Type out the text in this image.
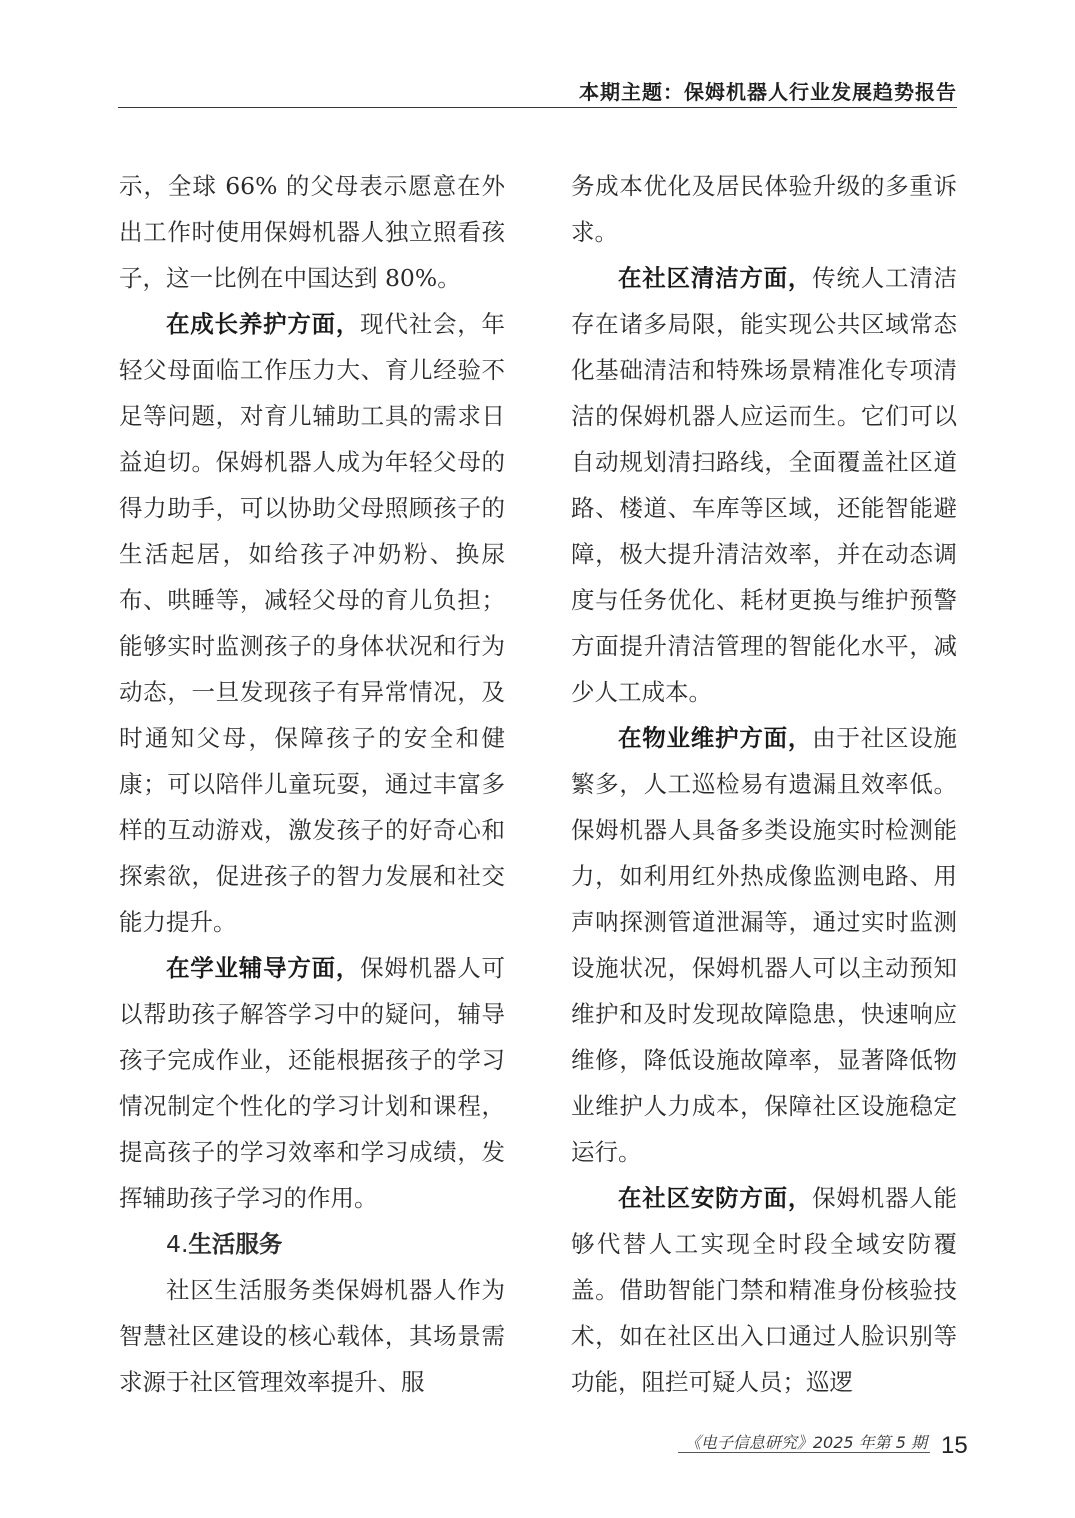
本期主题：保姆机器人行业发展趋势报告

示，全球 66% 的父母表示愿意在外出工作时使用保姆机器人独立照看孩子，这一比例在中国达到 80%。

在成长养护方面，现代社会，年轻父母面临工作压力大、育儿经验不足等问题，对育儿辅助工具的需求日益迫切。保姆机器人成为年轻父母的得力助手，可以协助父母照顾孩子的生活起居，如给孩子冲奶粉、换尿布、哄睡等，减轻父母的育儿负担；能够实时监测孩子的身体状况和行为动态，一旦发现孩子有异常情况，及时通知父母，保障孩子的安全和健康；可以陪伴儿童玩耍，通过丰富多样的互动游戏，激发孩子的好奇心和探索欲，促进孩子的智力发展和社交能力提升。

在学业辅导方面，保姆机器人可以帮助孩子解答学习中的疑问，辅导孩子完成作业，还能根据孩子的学习情况制定个性化的学习计划和课程，提高孩子的学习效率和学习成绩，发挥辅助孩子学习的作用。

4.生活服务

社区生活服务类保姆机器人作为智慧社区建设的核心载体，其场景需求源于社区管理效率提升、服

务成本优化及居民体验升级的多重诉求。

在社区清洁方面，传统人工清洁存在诸多局限，能实现公共区域常态化基础清洁和特殊场景精准化专项清洁的保姆机器人应运而生。它们可以自动规划清扫路线，全面覆盖社区道路、楼道、车库等区域，还能智能避障，极大提升清洁效率，并在动态调度与任务优化、耗材更换与维护预警方面提升清洁管理的智能化水平，减少人工成本。

在物业维护方面，由于社区设施繁多，人工巡检易有遗漏且效率低。保姆机器人具备多类设施实时检测能力，如利用红外热成像监测电路、用声呐探测管道泄漏等，通过实时监测设施状况，保姆机器人可以主动预知维护和及时发现故障隐患，快速响应维修，降低设施故障率，显著降低物业维护人力成本，保障社区设施稳定运行。

在社区安防方面，保姆机器人能够代替人工实现全时段全域安防覆盖。借助智能门禁和精准身份核验技术，如在社区出入口通过人脸识别等功能，阻拦可疑人员；巡逻

《电子信息研究》2025 年第 5 期 15
